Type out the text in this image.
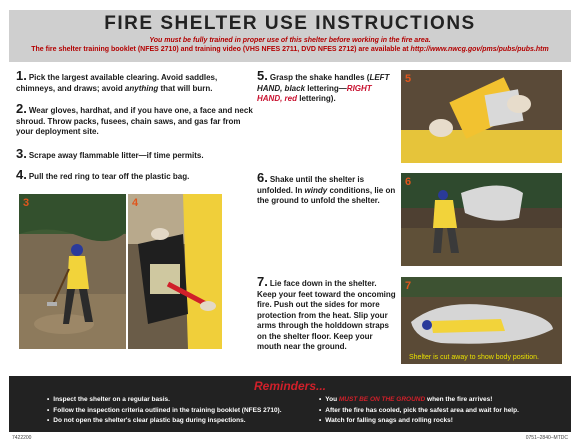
FIRE SHELTER USE INSTRUCTIONS
You must be fully trained in proper use of this shelter before working in the fire area.
The fire shelter training booklet (NFES 2710) and training video (VHS NFES 2711, DVD NFES 2712) are available at http://www.nwcg.gov/pms/pubs/pubs.htm
1. Pick the largest available clearing. Avoid saddles, chimneys, and draws; avoid anything that will burn.
2. Wear gloves, hardhat, and if you have one, a face and neck shroud. Throw packs, fusees, chain saws, and gas far from your deployment site.
3. Scrape away flammable litter—if time permits.
4. Pull the red ring to tear off the plastic bag.
3	4
5. Grasp the shake handles (LEFT HAND, black lettering—RIGHT HAND, red lettering).
5
6. Shake until the shelter is unfolded. In windy conditions, lie on the ground to unfold the shelter.
6
7. Lie face down in the shelter. Keep your feet toward the oncoming fire. Push out the sides for more protection from the heat. Slip your arms through the holddown straps on the shelter floor. Keep your mouth near the ground.
7
Shelter is cut away to show body position.
Reminders...
• Inspect the shelter on a regular basis.
• Follow the inspection criteria outlined in the training booklet (NFES 2710).
• Do not open the shelter's clear plastic bag during inspections.
• You MUST BE ON THE GROUND when the fire arrives!
• After the fire has cooled, pick the safest area and wait for help.
• Watch for falling snags and rolling rocks!
7422200	0751–2840–MTDC
